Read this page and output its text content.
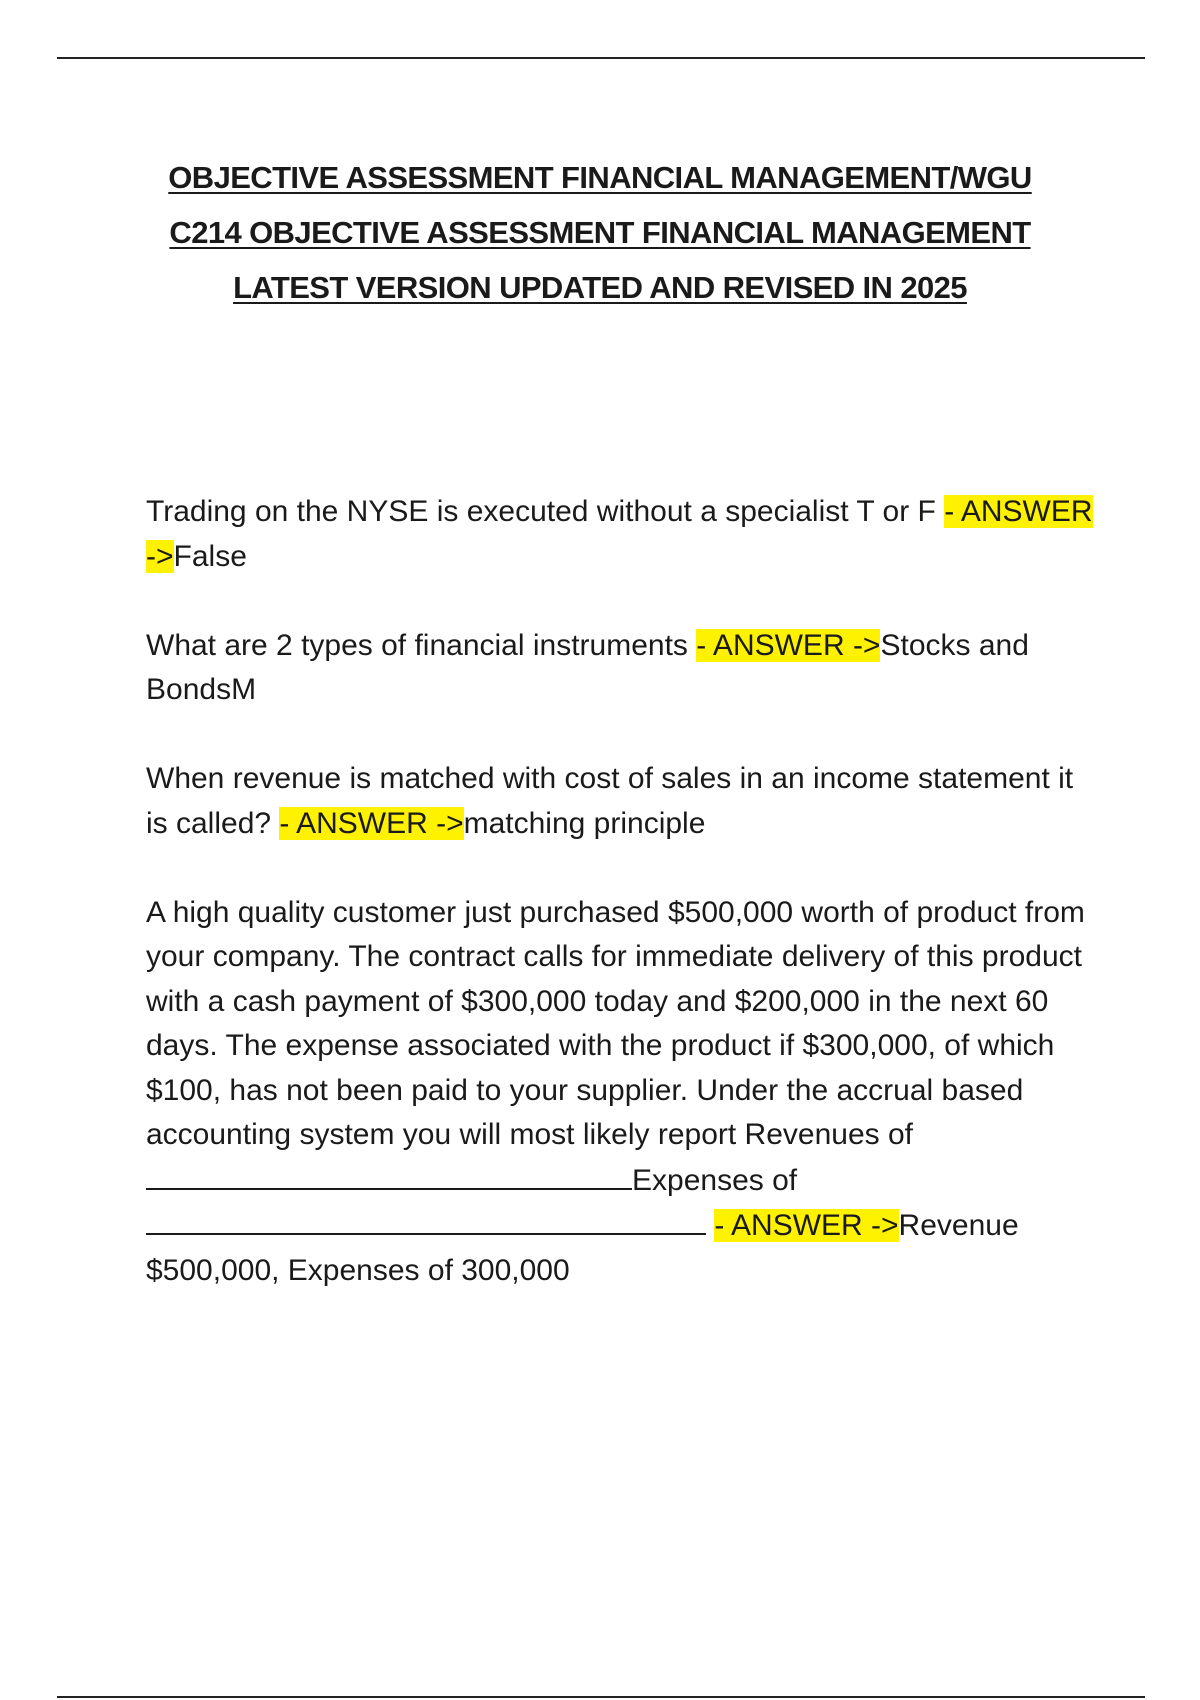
OBJECTIVE ASSESSMENT FINANCIAL MANAGEMENT/WGU
C214 OBJECTIVE ASSESSMENT FINANCIAL MANAGEMENT
LATEST VERSION UPDATED AND REVISED IN 2025

Trading on the NYSE is executed without a specialist T or F - ANSWER ->False

What are 2 types of financial instruments - ANSWER ->Stocks and BondsM

When revenue is matched with cost of sales in an income statement it is called? - ANSWER ->matching principle

A high quality customer just purchased $500,000 worth of product from your company. The contract calls for immediate delivery of this product with a cash payment of $300,000 today and $200,000 in the next 60 days. The expense associated with the product if $300,000, of which $100, has not been paid to your supplier. Under the accrual based accounting system you will most likely report Revenues of
Expenses of
- ANSWER ->Revenue $500,000, Expenses of 300,000
